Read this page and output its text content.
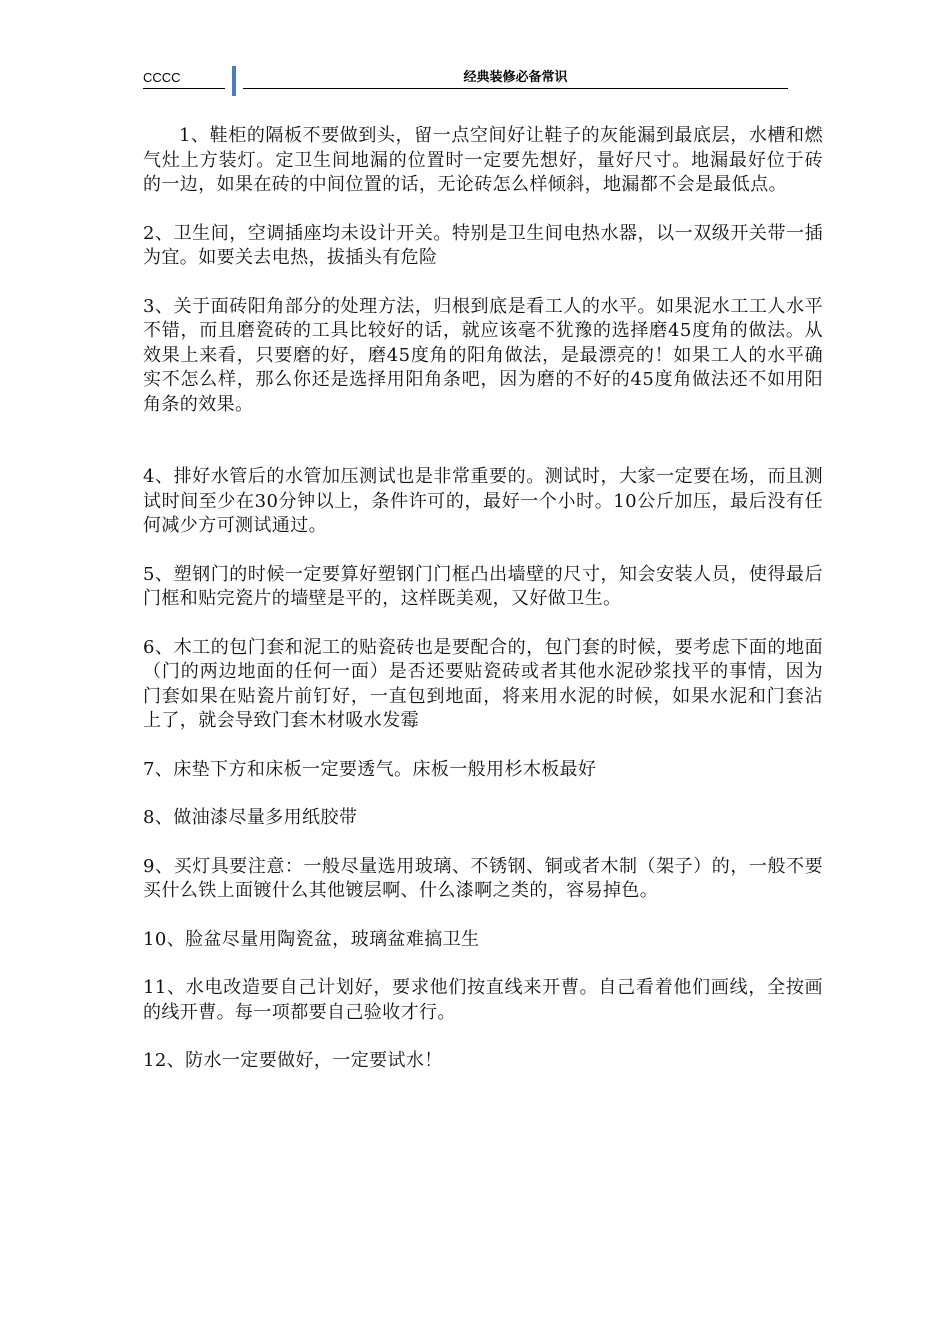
CCCC	经典装修必备常识

1、鞋柜的隔板不要做到头，留一点空间好让鞋子的灰能漏到最底层，水槽和燃气灶上方装灯。定卫生间地漏的位置时一定要先想好，量好尺寸。地漏最好位于砖的一边，如果在砖的中间位置的话，无论砖怎么样倾斜，地漏都不会是最低点。

2、卫生间，空调插座均未设计开关。特别是卫生间电热水器，以一双级开关带一插为宜。如要关去电热，拔插头有危险

3、关于面砖阳角部分的处理方法，归根到底是看工人的水平。如果泥水工工人水平不错，而且磨瓷砖的工具比较好的话，就应该毫不犹豫的选择磨45度角的做法。从效果上来看，只要磨的好，磨45度角的阳角做法，是最漂亮的！如果工人的水平确实不怎么样，那么你还是选择用阳角条吧，因为磨的不好的45度角做法还不如用阳角条的效果。

4、排好水管后的水管加压测试也是非常重要的。测试时，大家一定要在场，而且测试时间至少在30分钟以上，条件许可的，最好一个小时。10公斤加压，最后没有任何减少方可测试通过。

5、塑钢门的时候一定要算好塑钢门门框凸出墙壁的尺寸，知会安装人员，使得最后门框和贴完瓷片的墙壁是平的，这样既美观，又好做卫生。

6、木工的包门套和泥工的贴瓷砖也是要配合的，包门套的时候，要考虑下面的地面（门的两边地面的任何一面）是否还要贴瓷砖或者其他水泥砂浆找平的事情，因为门套如果在贴瓷片前钉好，一直包到地面，将来用水泥的时候，如果水泥和门套沾上了，就会导致门套木材吸水发霉

7、床垫下方和床板一定要透气。床板一般用杉木板最好

8、做油漆尽量多用纸胶带

9、买灯具要注意：一般尽量选用玻璃、不锈钢、铜或者木制（架子）的，一般不要买什么铁上面镀什么其他镀层啊、什么漆啊之类的，容易掉色。

10、脸盆尽量用陶瓷盆，玻璃盆难搞卫生

11、水电改造要自己计划好，要求他们按直线来开曹。自己看着他们画线，全按画的线开曹。每一项都要自己验收才行。

12、防水一定要做好，一定要试水！
